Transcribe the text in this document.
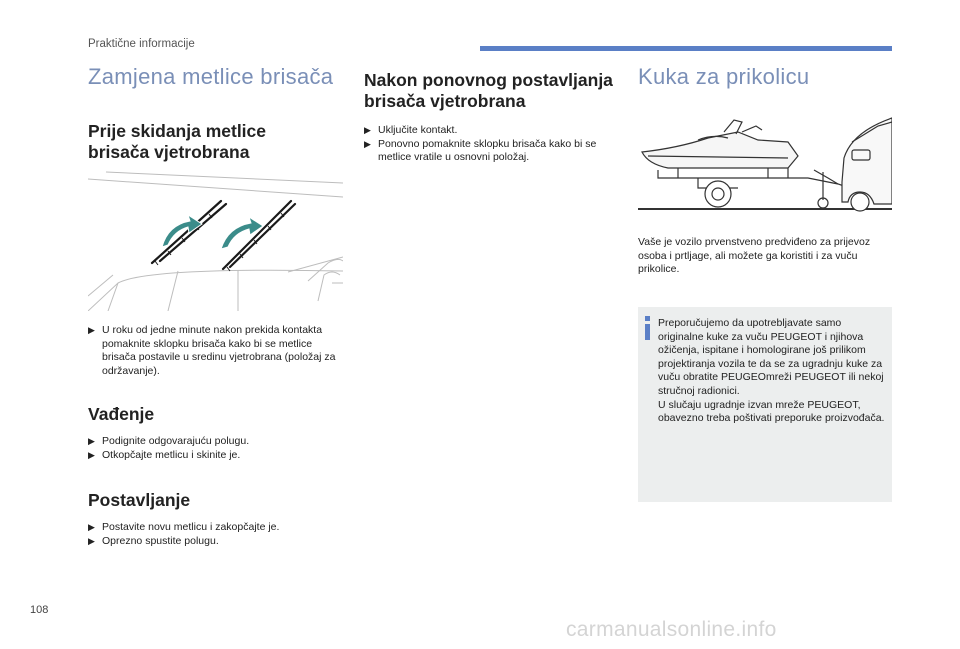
Praktične informacije
Zamjena metlice brisača
Prije skidanja metlice
brisača vjetrobrana
▶ U roku od jedne minute nakon prekida kontakta pomaknite sklopku brisača kako bi se metlice brisača postavile u sredinu vjetrobrana (položaj za održavanje).
Vađenje
▶ Podignite odgovarajuću polugu.
▶ Otkopčajte metlicu i skinite je.
Postavljanje
▶ Postavite novu metlicu i zakopčajte je.
▶ Oprezno spustite polugu.
Nakon ponovnog postavljanja
brisača vjetrobrana
▶ Uključite kontakt.
▶ Ponovno pomaknite sklopku brisača kako bi se metlice vratile u osnovni položaj.
Kuka za prikolicu

Vaše je vozilo prvenstveno predviđeno za prijevoz osoba i prtljage, ali možete ga koristiti i za vuču prikolice.

Preporučujemo da upotrebljavate samo originalne kuke za vuču PEUGEOT i njihova ožičenja, ispitane i homologirane još prilikom projektiranja vozila te da se za ugradnju kuke za vuču obratite PEUGEOmreži PEUGEOT ili nekoj stručnoj radionici.
U slučaju ugradnje izvan mreže PEUGEOT, obavezno treba poštivati preporuke proizvođača.
108
carmanualsonline.info
